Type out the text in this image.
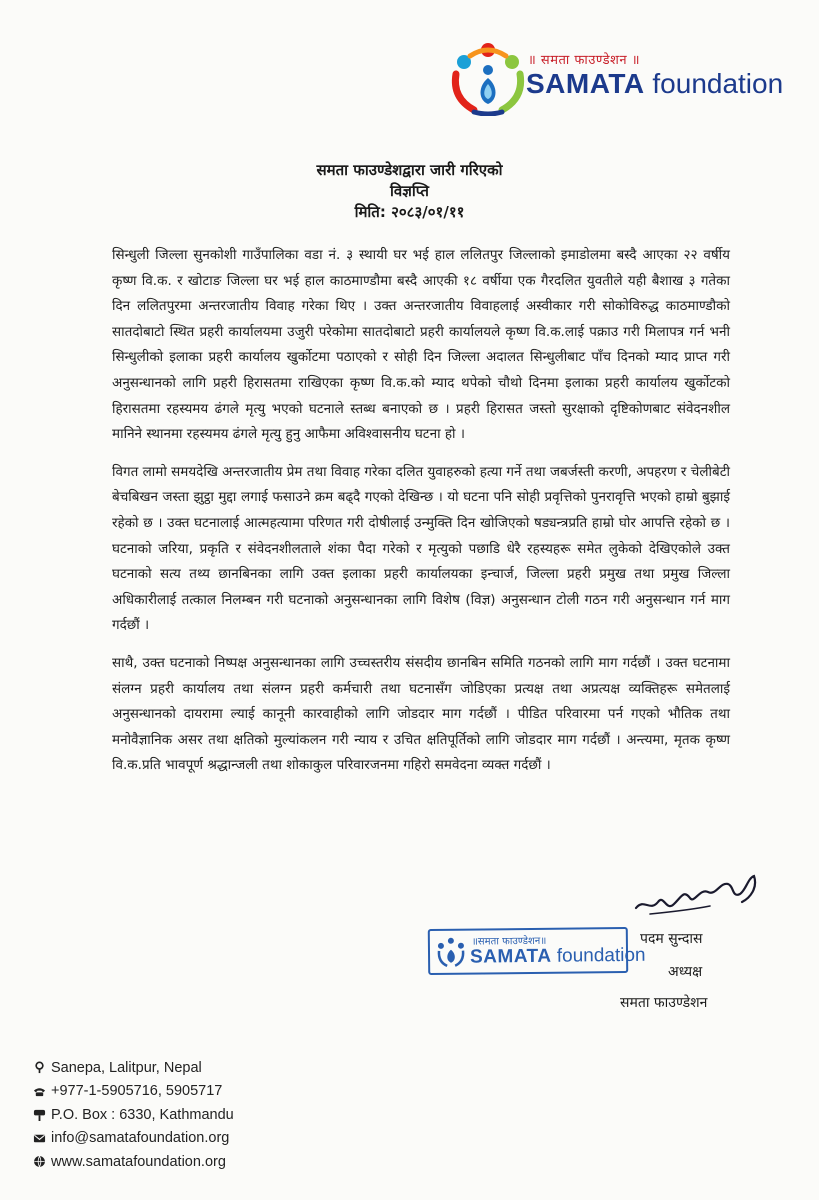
॥ समता फाउण्डेशन ॥
SAMATA foundation
समता फाउण्डेशद्वारा जारी गरिएको
विज्ञप्ति
मिति: २०८३/०१/११

सिन्धुली जिल्ला सुनकोशी गाउँपालिका वडा नं. ३ स्थायी घर भई हाल ललितपुर जिल्लाको इमाडोलमा बस्दै आएका २२ वर्षीय कृष्ण वि.क. र खोटाङ जिल्ला घर भई हाल काठमाण्डौमा बस्दै आएकी १८ वर्षीया एक गैरदलित युवतीले यही बैशाख ३ गतेका दिन ललितपुरमा अन्तरजातीय विवाह गरेका थिए । उक्त अन्तरजातीय विवाहलाई अस्वीकार गरी सोकोविरुद्ध काठमाण्डौको सातदोबाटो स्थित प्रहरी कार्यालयमा उजुरी परेकोमा सातदोबाटो प्रहरी कार्यालयले कृष्ण वि.क.लाई पक्राउ गरी मिलापत्र गर्न भनी सिन्धुलीको इलाका प्रहरी कार्यालय खुर्कोटमा पठाएको र सोही दिन जिल्ला अदालत सिन्धुलीबाट पाँच दिनको म्याद प्राप्त गरी अनुसन्धानको लागि प्रहरी हिरासतमा राखिएका कृष्ण वि.क.को म्याद थपेको चौथो दिनमा इलाका प्रहरी कार्यालय खुर्कोटको हिरासतमा रहस्यमय ढंगले मृत्यु भएको घटनाले स्तब्ध बनाएको छ । प्रहरी हिरासत जस्तो सुरक्षाको दृष्टिकोणबाट संवेदनशील मानिने स्थानमा रहस्यमय ढंगले मृत्यु हुनु आफैमा अविश्वासनीय घटना हो ।

विगत लामो समयदेखि अन्तरजातीय प्रेम तथा विवाह गरेका दलित युवाहरुको हत्या गर्ने तथा जबर्जस्ती करणी, अपहरण र चेलीबेटी बेचबिखन जस्ता झुट्ठा मुद्दा लगाई फसाउने क्रम बढ्दै गएको देखिन्छ । यो घटना पनि सोही प्रवृत्तिको पुनरावृत्ति भएको हाम्रो बुझाई रहेको छ । उक्त घटनालाई आत्महत्यामा परिणत गरी दोषीलाई उन्मुक्ति दिन खोजिएको षड्यन्त्रप्रति हाम्रो घोर आपत्ति रहेको छ । घटनाको जरिया, प्रकृति र संवेदनशीलताले शंका पैदा गरेको र मृत्युको पछाडि धेरै रहस्यहरू समेत लुकेको देखिएकोले उक्त घटनाको सत्य तथ्य छानबिनका लागि उक्त इलाका प्रहरी कार्यालयका इन्चार्ज, जिल्ला प्रहरी प्रमुख तथा प्रमुख जिल्ला अधिकारीलाई तत्काल निलम्बन गरी घटनाको अनुसन्धानका लागि विशेष (विज्ञ) अनुसन्धान टोली गठन गरी अनुसन्धान गर्न माग गर्दछौं ।

साथै, उक्त घटनाको निष्पक्ष अनुसन्धानका लागि उच्चस्तरीय संसदीय छानबिन समिति गठनको लागि माग गर्दछौं । उक्त घटनामा संलग्न प्रहरी कार्यालय तथा संलग्न प्रहरी कर्मचारी तथा घटनासँग जोडिएका प्रत्यक्ष तथा अप्रत्यक्ष व्यक्तिहरू समेतलाई अनुसन्धानको दायरामा ल्याई कानूनी कारवाहीको लागि जोडदार माग गर्दछौं । पीडित परिवारमा पर्न गएको भौतिक तथा मनोवैज्ञानिक असर तथा क्षतिको मुल्यांकलन गरी न्याय र उचित क्षतिपूर्तिको लागि जोडदार माग गर्दछौं । अन्त्यमा, मृतक कृष्ण वि.क.प्रति भावपूर्ण श्रद्धान्जली तथा शोकाकुल परिवारजनमा गहिरो समवेदना व्यक्त गर्दछौं ।

॥समता फाउण्डेशन॥
SAMATA foundation
पदम सुन्दास
अध्यक्ष
समता फाउण्डेशन
Sanepa, Lalitpur, Nepal
+977-1-5905716, 5905717
P.O. Box : 6330, Kathmandu
info@samatafoundation.org
www.samatafoundation.org
